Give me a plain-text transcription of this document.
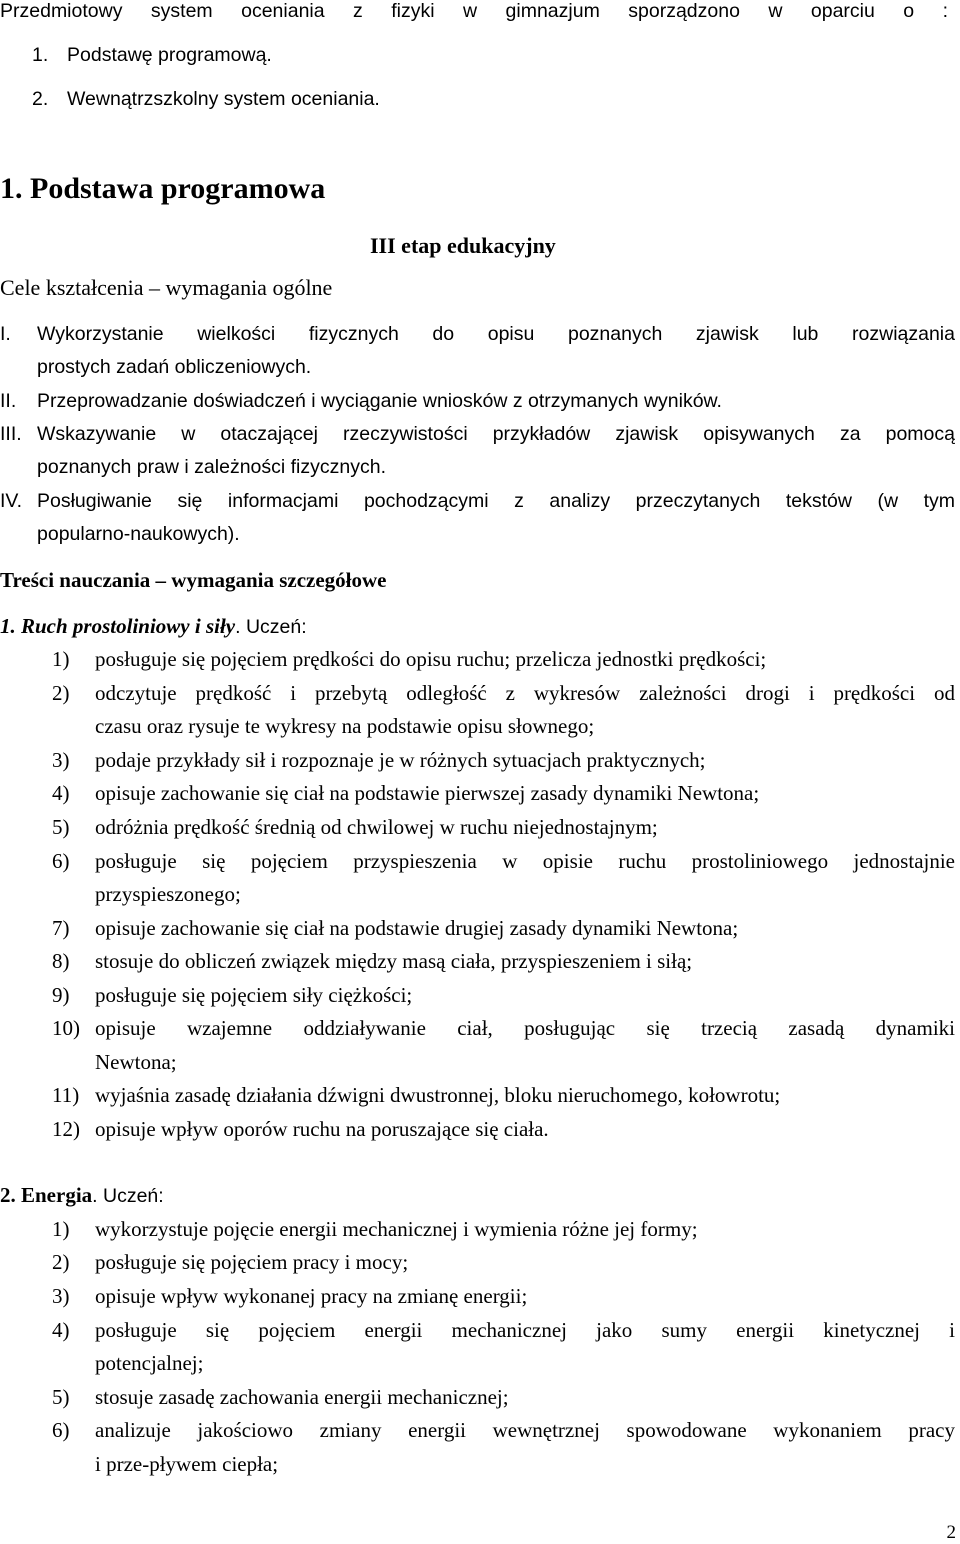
Przedmiotowy system oceniania z fizyki w gimnazjum sporządzono w oparciu o :
1. Podstawę programową.
2. Wewnątrzszkolny system oceniania.
1. Podstawa programowa
III etap edukacyjny
Cele kształcenia – wymagania ogólne
I. Wykorzystanie wielkości fizycznych do opisu poznanych zjawisk lub rozwiązania
prostych zadań obliczeniowych.
II. Przeprowadzanie doświadczeń i wyciąganie wniosków z otrzymanych wyników.
III. Wskazywanie w otaczającej rzeczywistości przykładów zjawisk opisywanych za pomocą
poznanych praw i zależności fizycznych.
IV. Posługiwanie się informacjami pochodzącymi z analizy przeczytanych tekstów (w tym
popularno-naukowych).
Treści nauczania – wymagania szczegółowe
1. Ruch prostoliniowy i siły. Uczeń:
1) posługuje się pojęciem prędkości do opisu ruchu; przelicza jednostki prędkości;
2) odczytuje prędkość i przebytą odległość z wykresów zależności drogi i prędkości od
czasu oraz rysuje te wykresy na podstawie opisu słownego;
3) podaje przykłady sił i rozpoznaje je w różnych sytuacjach praktycznych;
4) opisuje zachowanie się ciał na podstawie pierwszej zasady dynamiki Newtona;
5) odróżnia prędkość średnią od chwilowej w ruchu niejednostajnym;
6) posługuje się pojęciem przyspieszenia w opisie ruchu prostoliniowego jednostajnie
przyspieszonego;
7) opisuje zachowanie się ciał na podstawie drugiej zasady dynamiki Newtona;
8) stosuje do obliczeń związek między masą ciała, przyspieszeniem i siłą;
9) posługuje się pojęciem siły ciężkości;
10) opisuje wzajemne oddziaływanie ciał, posługując się trzecią zasadą dynamiki
Newtona;
11) wyjaśnia zasadę działania dźwigni dwustronnej, bloku nieruchomego, kołowrotu;
12) opisuje wpływ oporów ruchu na poruszające się ciała.
2. Energia. Uczeń:
1) wykorzystuje pojęcie energii mechanicznej i wymienia różne jej formy;
2) posługuje się pojęciem pracy i mocy;
3) opisuje wpływ wykonanej pracy na zmianę energii;
4) posługuje się pojęciem energii mechanicznej jako sumy energii kinetycznej i
potencjalnej;
5) stosuje zasadę zachowania energii mechanicznej;
6) analizuje jakościowo zmiany energii wewnętrznej spowodowane wykonaniem pracy
i prze-pływem ciepła;
2
